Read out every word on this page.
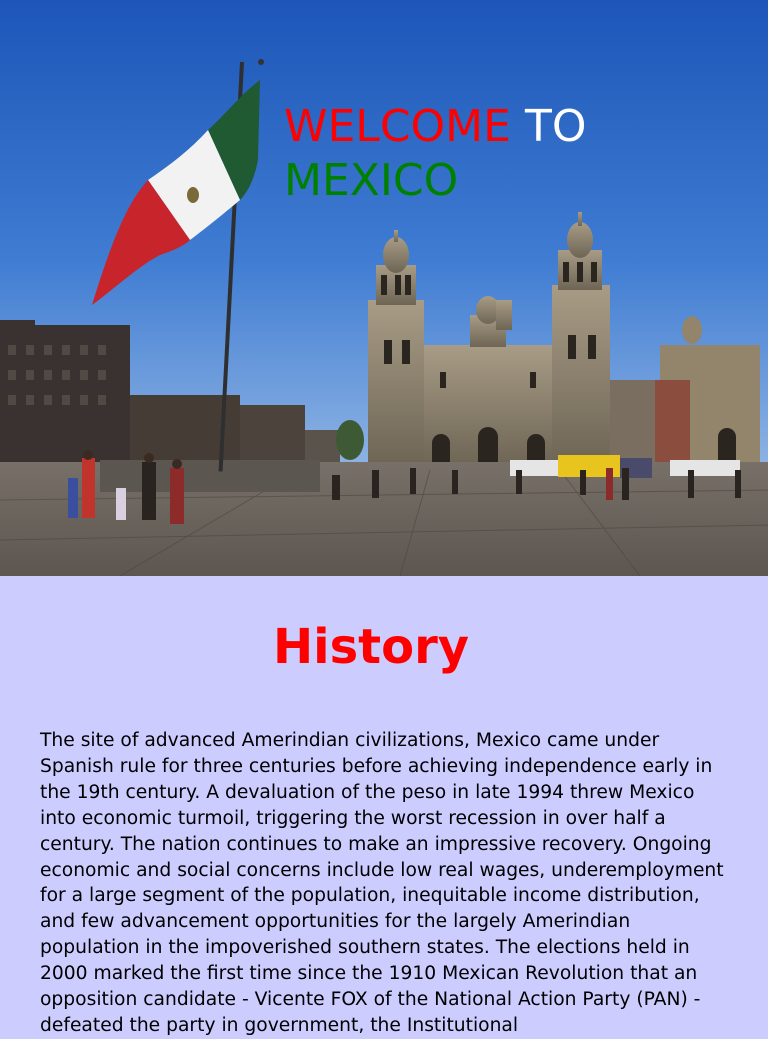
WELCOME TO
MEXICO
History
The site of advanced Amerindian civilizations, Mexico came under Spanish rule for three centuries before achieving independence early in the 19th century. A devaluation of the peso in late 1994 threw Mexico into economic turmoil, triggering the worst recession in over half a century. The nation continues to make an impressive recovery. Ongoing economic and social concerns include low real wages, underemployment for a large segment of the population, inequitable income distribution, and few advancement opportunities for the largely Amerindian population in the impoverished southern states. The elections held in 2000 marked the first time since the 1910 Mexican Revolution that an opposition candidate - Vicente FOX of the National Action Party (PAN) - defeated the party in government, the Institutional
